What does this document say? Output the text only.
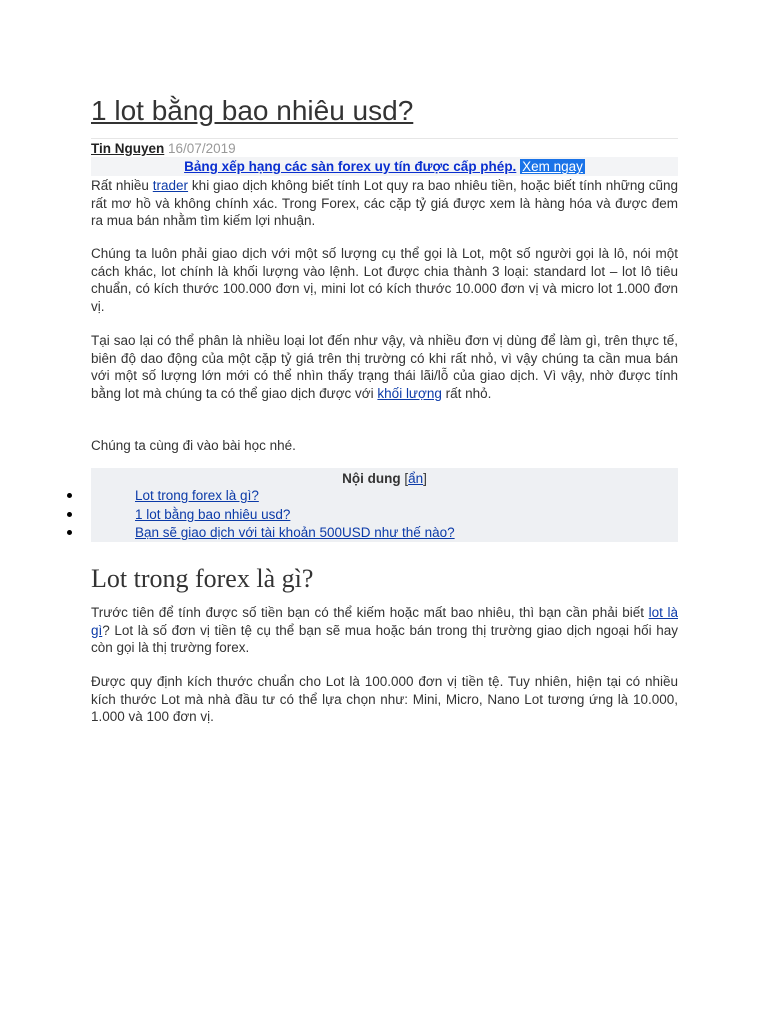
1 lot bằng bao nhiêu usd?
Tin Nguyen 16/07/2019
Bảng xếp hạng các sàn forex uy tín được cấp phép. Xem ngay
Rất nhiều trader khi giao dịch không biết tính Lot quy ra bao nhiêu tiền, hoặc biết tính những cũng rất mơ hồ và không chính xác. Trong Forex, các cặp tỷ giá được xem là hàng hóa và được đem ra mua bán nhằm tìm kiếm lợi nhuận.
Chúng ta luôn phải giao dịch với một số lượng cụ thể gọi là Lot, một số người gọi là lô, nói một cách khác, lot chính là khối lượng vào lệnh. Lot được chia thành 3 loại: standard lot – lot lô tiêu chuẩn, có kích thước 100.000 đơn vị, mini lot có kích thước 10.000 đơn vị và micro lot 1.000 đơn vị.
Tại sao lại có thể phân là nhiều loại lot đến như vậy, và nhiều đơn vị dùng để làm gì, trên thực tế, biên độ dao động của một cặp tỷ giá trên thị trường có khi rất nhỏ, vì vậy chúng ta cần mua bán với một số lượng lớn mới có thể nhìn thấy trạng thái lãi/lỗ của giao dịch. Vì vậy, nhờ được tính bằng lot mà chúng ta có thể giao dịch được với khối lượng rất nhỏ.
Chúng ta cùng đi vào bài học nhé.
Nội dung [ẩn]
Lot trong forex là gì?
1 lot bằng bao nhiêu usd?
Bạn sẽ giao dịch với tài khoản 500USD như thế nào?
Lot trong forex là gì?
Trước tiên để tính được số tiền bạn có thể kiếm hoặc mất bao nhiêu, thì bạn cần phải biết lot là gì? Lot là số đơn vị tiền tệ cụ thể bạn sẽ mua hoặc bán trong thị trường giao dịch ngoại hối hay còn gọi là thị trường forex.
Được quy định kích thước chuẩn cho Lot là 100.000 đơn vị tiền tệ. Tuy nhiên, hiện tại có nhiều kích thước Lot mà nhà đầu tư có thể lựa chọn như: Mini, Micro, Nano Lot tương ứng là 10.000, 1.000 và 100 đơn vị.
